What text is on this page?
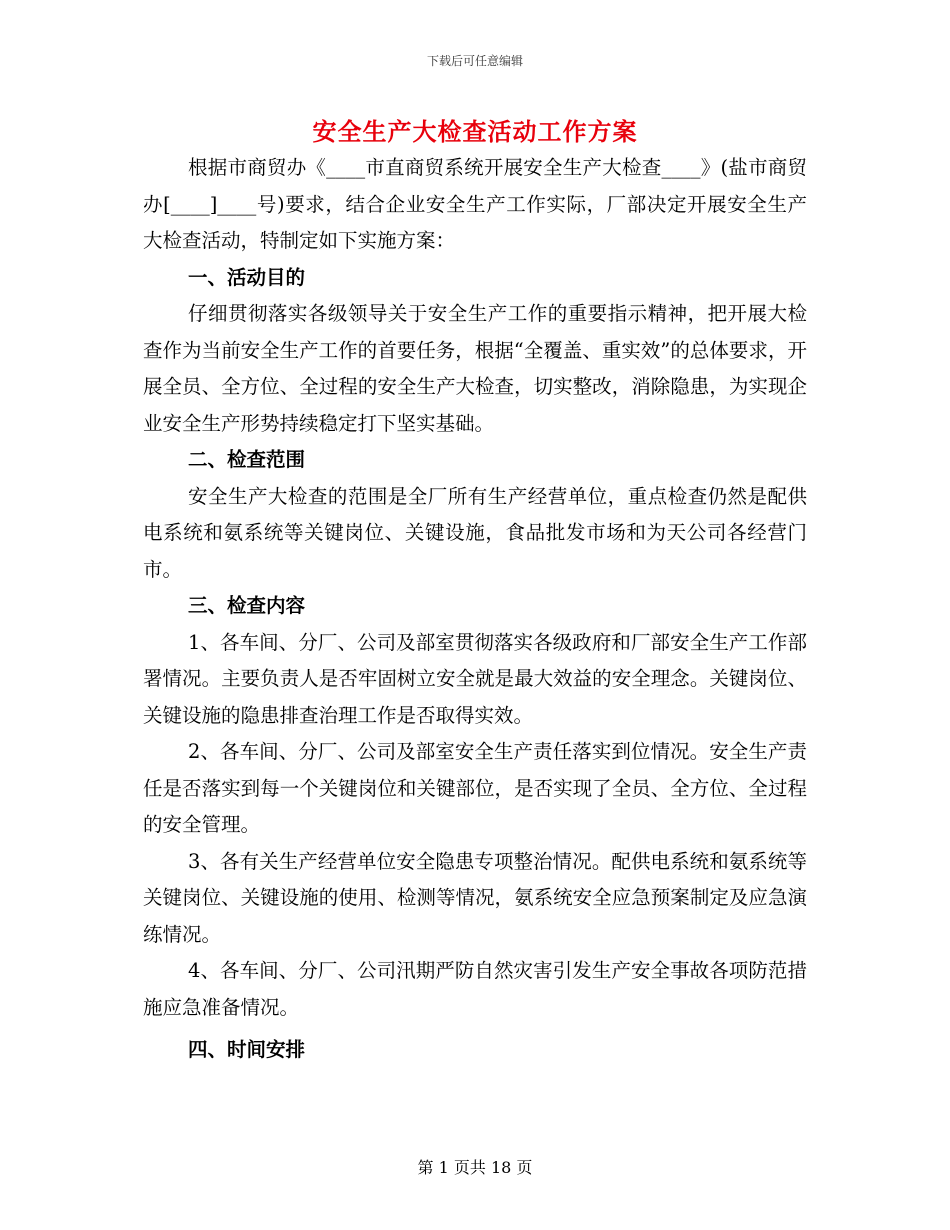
下载后可任意编辑
安全生产大检查活动工作方案

根据市商贸办《____市直商贸系统开展安全生产大检查____》(盐市商贸办[____]____号)要求，结合企业安全生产工作实际，厂部决定开展安全生产大检查活动，特制定如下实施方案：

一、活动目的

仔细贯彻落实各级领导关于安全生产工作的重要指示精神，把开展大检查作为当前安全生产工作的首要任务，根据“全覆盖、重实效”的总体要求，开展全员、全方位、全过程的安全生产大检查，切实整改，消除隐患，为实现企业安全生产形势持续稳定打下坚实基础。

二、检查范围

安全生产大检查的范围是全厂所有生产经营单位，重点检查仍然是配供电系统和氨系统等关键岗位、关键设施，食品批发市场和为天公司各经营门市。

三、检查内容

1、各车间、分厂、公司及部室贯彻落实各级政府和厂部安全生产工作部署情况。主要负责人是否牢固树立安全就是最大效益的安全理念。关键岗位、关键设施的隐患排查治理工作是否取得实效。

2、各车间、分厂、公司及部室安全生产责任落实到位情况。安全生产责任是否落实到每一个关键岗位和关键部位，是否实现了全员、全方位、全过程的安全管理。

3、各有关生产经营单位安全隐患专项整治情况。配供电系统和氨系统等关键岗位、关键设施的使用、检测等情况，氨系统安全应急预案制定及应急演练情况。

4、各车间、分厂、公司汛期严防自然灾害引发生产安全事故各项防范措施应急准备情况。

四、时间安排

第 1 页共 18 页
